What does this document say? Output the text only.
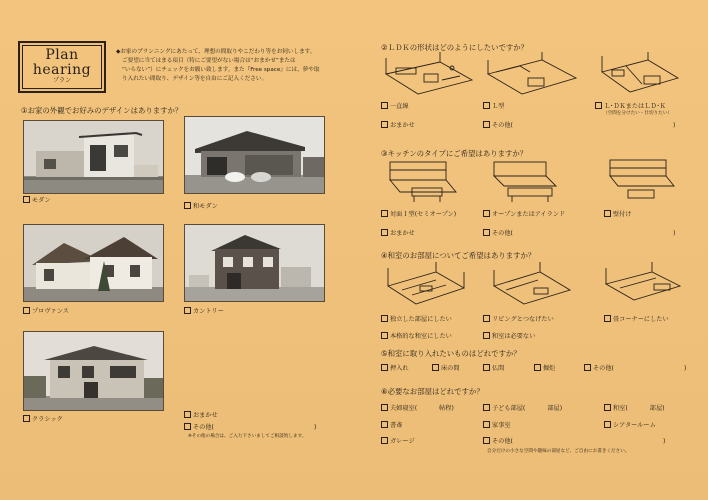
Plan
hearing
プラン
◆お家のプランニングにあたって、理想の間取りやこだわり等をお伺いします。
ご要望に当てはまる項目（特にご要望がない場合は“おまかせ”または
“いらない”）にチェックをお願い致します。また『Free space』には、夢や取
り入れたい間取り、デザイン等を自由にご記入ください。
①お家の外観でお好みのデザインはありますか？
モダン
和モダン
プロヴァンス	カントリー
クラシック
おまかせ
その他(	)
※その他の場合は、ご入力下さいましてご相談致します。
②ＬＤＫの形状はどのようにしたいですか？
一直線	Ｌ型	Ｌ･ＤＫまたはＬＤ･Ｋ
（空間を分けたい・仕切りたい）
おまかせ	その他(	)
③キッチンのタイプにご希望はありますか？
対面Ｉ型(セミオープン)	オープンまたはアイランド	壁付け
おまかせ	その他(	)
④和室のお部屋についてご希望はありますか？
独立した部屋にしたい	リビングとつなげたい	畳コーナーにしたい
本格的な和室にしたい	和室は必要ない
⑤和室に取り入れたいものはどれですか？
押入れ	床の間	仏間	掘炬	その他(	)
⑥必要なお部屋はどれですか？
夫婦寝室(	帖程)	子ども部屋(	部屋)	和室(	部屋)
書斎	家事室	シアタールーム
ガレージ	その他(	)
自分だけの小さな空間や趣味の部屋など、ご自由にお書きください。
